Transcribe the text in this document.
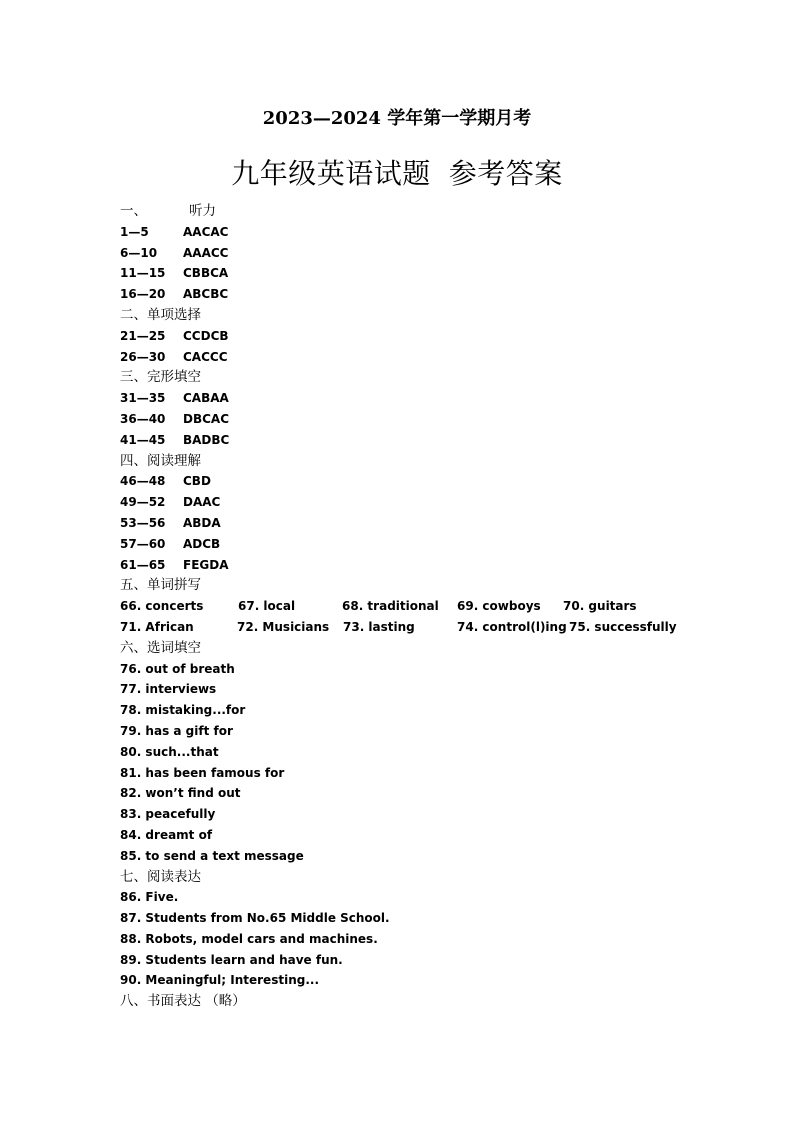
2023—2024 学年第一学期月考
九年级英语试题 参考答案
一、	听力
1—5	AACAC
6—10 AAACC
11—15 CBBCA
16—20 ABCBC
二、单项选择
21—25 CCDCB
26—30 CACCC
三、完形填空
31—35 CABAA
36—40 DBCAC
41—45 BADBC
四、阅读理解
46—48 CBD
49—52 DAAC
53—56 ABDA
57—60 ADCB
61—65 FEGDA
五、单词拼写
66. concerts	67. local	68. traditional 69. cowboys 70. guitars
71. African	72. Musicians 73. lasting	74. control(l)ing 75. successfully
六、选词填空
76. out of breath
77. interviews
78. mistaking...for
79. has a gift for
80. such...that
81. has been famous for
82. won’t find out
83. peacefully
84. dreamt of
85. to send a text message
七、阅读表达
86. Five.
87. Students from No.65 Middle School.
88. Robots, model cars and machines.
89. Students learn and have fun.
90. Meaningful; Interesting...
八、书面表达 （略）
